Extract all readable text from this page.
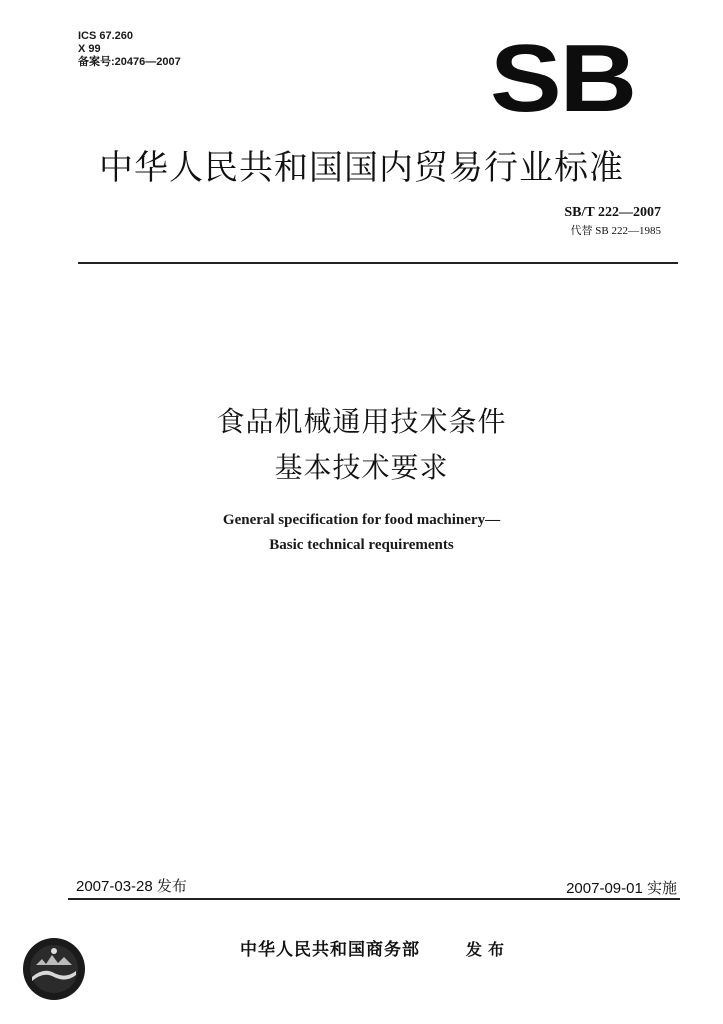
ICS 67.260
X 99
备案号:20476—2007	SB
中华人民共和国国内贸易行业标准
SB/T 222—2007
代替 SB 222—1985
食品机械通用技术条件
基本技术要求
General specification for food machinery—
Basic technical requirements
2007-03-28 发布	2007-09-01 实施
中华人民共和国商务部	发布
